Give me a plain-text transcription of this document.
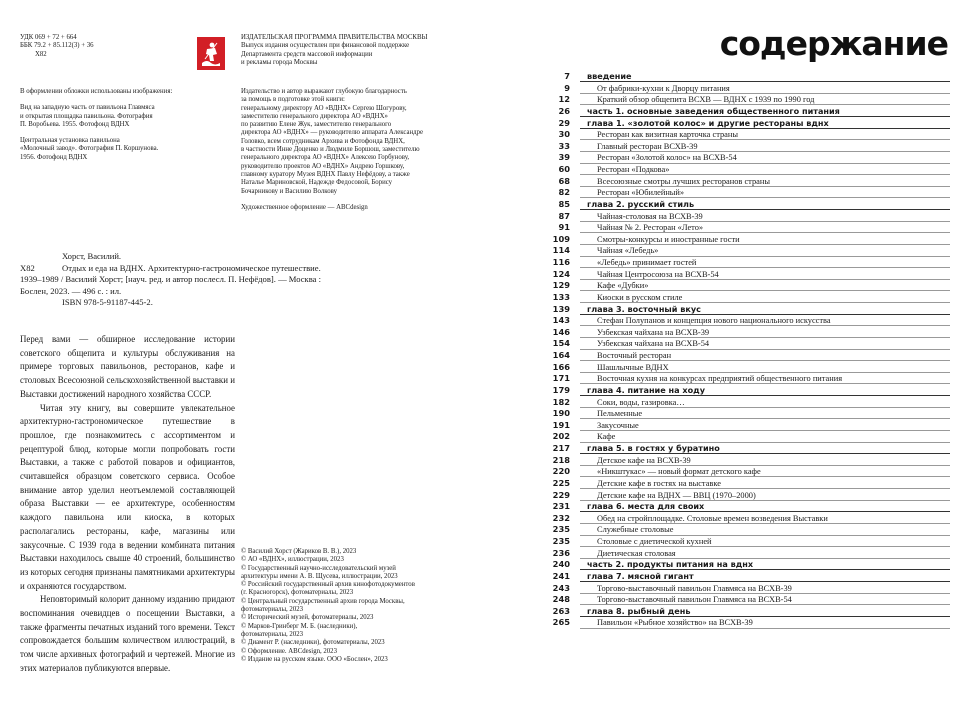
УДК 069 + 72 + 664
ББК 79.2 + 85.112(3) + 36
Х82
В оформлении обложки использованы изображения:
Вид на западную часть от павильона Главмяса
и открытая площадка павильона. Фотография
П. Воробьева. 1955. Фотофонд ВДНХ
Центральная установка павильона
«Молочный завод». Фотография П. Коршунова.
1956. Фотофонд ВДНХ
ИЗДАТЕЛЬСКАЯ ПРОГРАММА ПРАВИТЕЛЬСТВА МОСКВЫ
Выпуск издания осуществлен при финансовой поддержке
Департамента средств массовой информации
и рекламы города Москвы
Издательство и автор выражают глубокую благодарность
за помощь в подготовке этой книги:
генеральному директору АО «ВДНХ» Сергею Шогурову,
заместителю генерального директора АО «ВДНХ»
по развитию Елене Жук, заместителю генерального
директора АО «ВДНХ» — руководителю аппарата Александре
Головко, всем сотрудникам Архива и Фотофонда ВДНХ,
в частности Инне Доценко и Людмиле Боршош, заместителю
генерального директора АО «ВДНХ» Алексею Горбунову,
руководителю проектов АО «ВДНХ» Андрею Горшкову,
главному куратору Музея ВДНХ Павлу Нефёдову, а также
Наталье Мариновской, Надежде Федосовой, Борису
Бочарникову и Василию Волкову
Художественное оформление — ABCdesign
Хорст, Василий.
Х82	Отдых и еда на ВДНХ. Архитектурно-гастрономическое путешествие.
1939–1989 / Василий Хорст; [науч. ред. и автор послесл. П. Нефёдов]. — Москва :
Бослен, 2023. — 496 с. : ил.
ISBN 978-5-91187-445-2.

Перед вами — обширное исследование истории советского общепита и культуры обслуживания на примере торговых павильонов, ресторанов, кафе и столовых Всесоюзной сельскохозяйственной выставки и Выставки достижений народного хозяйства СССР.

Читая эту книгу, вы совершите увлекательное архитектурно-гастрономическое путешествие в прошлое, где познакомитесь с ассортиментом и рецептурой блюд, которые могли попробовать гости Выставки, а также с работой поваров и официантов, считавшейся образцом советского сервиса. Особое внимание автор уделил неотъемлемой составляющей образа Выставки — ее архитектуре, особенностям каждого павильона или киоска, в которых располагались рестораны, кафе, магазины или закусочные. С 1939 года в ведении комбината питания Выставки находилось свыше 40 строений, большинство из которых сегодня признаны памятниками архитектуры и охраняются государством.

Неповторимый колорит данному изданию придают воспоминания очевидцев о посещении Выставки, а также фрагменты печатных изданий того времени. Текст сопровождается большим количеством иллюстраций, в том числе архивных фотографий и чертежей. Многие из этих материалов публикуются впервые.

© Василий Хорст (Жариков В. В.), 2023
© АО «ВДНХ», иллюстрации, 2023
© Государственный научно-исследовательский музей
архитектуры имени А. В. Щусева, иллюстрации, 2023
© Российский государственный архив кинофотодокументов
(г. Красногорск), фотоматериалы, 2023
© Центральный государственный архив города Москвы,
фотоматериалы, 2023
© Исторический музей, фотоматериалы, 2023
© Марков-Гринберг М. Б. (наследники),
фотоматериалы, 2023
© Диамент Р. (наследники), фотоматериалы, 2023
© Оформление. ABCdesign, 2023
© Издание на русском языке. ООО «Бослен», 2023
содержание
7 введение
9	От фабрики-кухни к Дворцу питания
12	Краткий обзор общепита ВСХВ — ВДНХ с 1939 по 1990 год
26 часть 1. основные заведения общественного питания
29 глава 1. «золотой колос» и другие рестораны вднх
30	Ресторан как визитная карточка страны
33	Главный ресторан ВСХВ-39
39	Ресторан «Золотой колос» на ВСХВ-54
60	Ресторан «Подкова»
68	Всесоюзные смотры лучших ресторанов страны
82	Ресторан «Юбилейный»
85 глава 2. русский стиль
87	Чайная-столовая на ВСХВ-39
91	Чайная № 2. Ресторан «Лето»
109	Смотры-конкурсы и иностранные гости
114	Чайная «Лебедь»
116	«Лебедь» принимает гостей
124	Чайная Центросоюза на ВСХВ-54
129	Кафе «Дубки»
133	Киоски в русском стиле
139 глава 3. восточный вкус
143	Стефан Полупанов и концепция нового национального искусства
146	Узбекская чайхана на ВСХВ-39
154	Узбекская чайхана на ВСХВ-54
164	Восточный ресторан
166	Шашлычные ВДНХ
171	Восточная кухня на конкурсах предприятий общественного питания
179 глава 4. питание на ходу
182	Соки, воды, газировка…
190	Пельменные
191	Закусочные
202	Кафе
217 глава 5. в гостях у буратино
218	Детское кафе на ВСХВ-39
220	«Никштукас» — новый формат детского кафе
225	Детские кафе в гостях на выставке
229	Детские кафе на ВДНХ — ВВЦ (1970–2000)
231 глава 6. места для своих
232	Обед на стройплощадке. Столовые времен возведения Выставки
235	Служебные столовые
235	Столовые с диетической кухней
236	Диетическая столовая
240 часть 2. продукты питания на вднх
241 глава 7. мясной гигант
243	Торгово-выставочный павильон Главмяса на ВСХВ-39
248	Торгово-выставочный павильон Главмяса на ВСХВ-54
263 глава 8. рыбный день
265	Павильон «Рыбное хозяйство» на ВСХВ-39
